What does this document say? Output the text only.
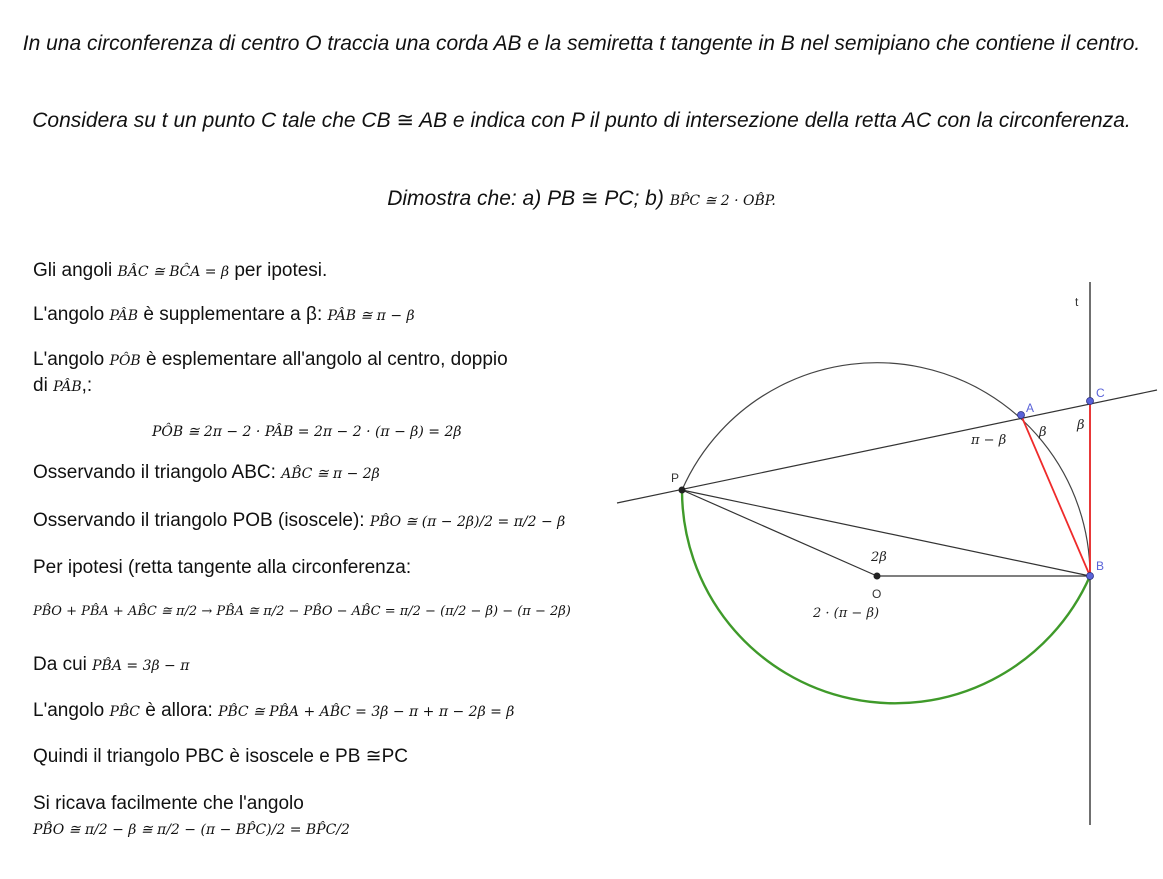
In una circonferenza di centro O traccia una corda AB e la semiretta t tangente in B nel semipiano che contiene il centro.
Considera su t un punto C tale che CB ≅ AB e indica con P il punto di intersezione della retta AC con la circonferenza.
Dimostra che: a) PB ≅ PC; b) BP̂C ≅ 2 · OB̂P.
Gli angoli BÂC ≅ BĈA = β per ipotesi.
L'angolo PÂB è supplementare a β: PÂB ≅ π − β
L'angolo PÔB è esplementare all'angolo al centro, doppio
di PÂB,:
PÔB ≅ 2π − 2 · PÂB = 2π − 2 · (π − β) = 2β
Osservando il triangolo ABC: AB̂C ≅ π − 2β
Osservando il triangolo POB (isoscele): PB̂O ≅ (π − 2β)/2 = π/2 − β
Per ipotesi (retta tangente alla circonferenza:
PB̂O + PB̂A + AB̂C ≅ π/2 → PB̂A ≅ π/2 − PB̂O − AB̂C = π/2 − (π/2 − β) − (π − 2β)
Da cui PB̂A = 3β − π
L'angolo PB̂C è allora: PB̂C ≅ PB̂A + AB̂C = 3β − π + π − 2β = β
Quindi il triangolo PBC è isoscele e PB ≅PC
Si ricava facilmente che l'angolo
PB̂O ≅ π/2 − β ≅ π/2 − (π − BP̂C)/2 = BP̂C/2
t
P
O
A
B
C
2β
π − β
β β
2 · (π − β)
